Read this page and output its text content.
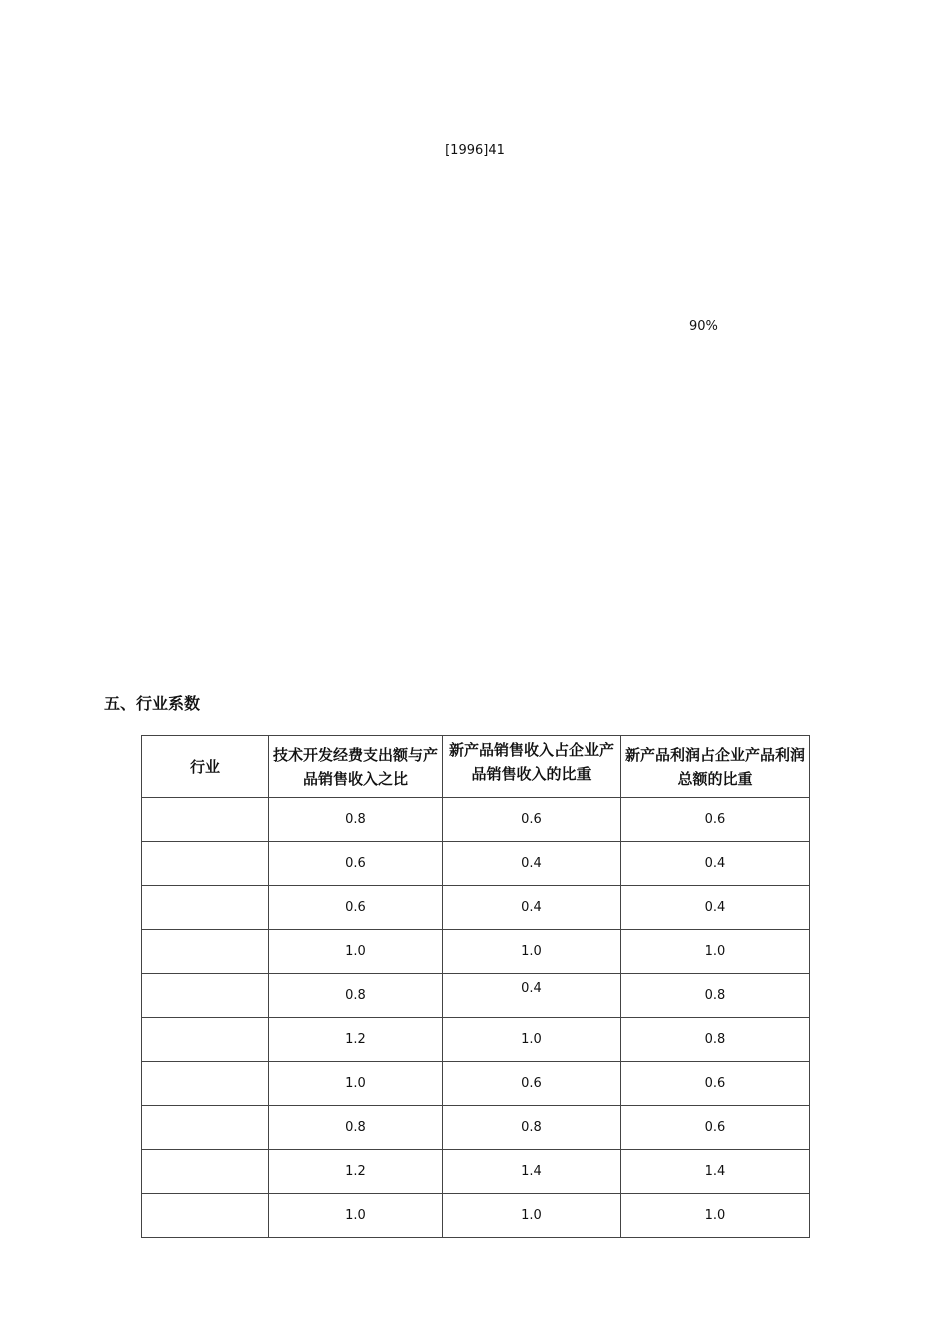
[1996]41
90%
五、行业系数
行业	技术开发经费支出额与产品销售收入之比	新产品销售收入占企业产品销售收入的比重	新产品利润占企业产品利润总额的比重
	0.8	0.6	0.6
	0.6	0.4	0.4
	0.6	0.4	0.4
	1.0	1.0	1.0
	0.8	0.4	0.8
	1.2	1.0	0.8
	1.0	0.6	0.6
	0.8	0.8	0.6
	1.2	1.4	1.4
	1.0	1.0	1.0
